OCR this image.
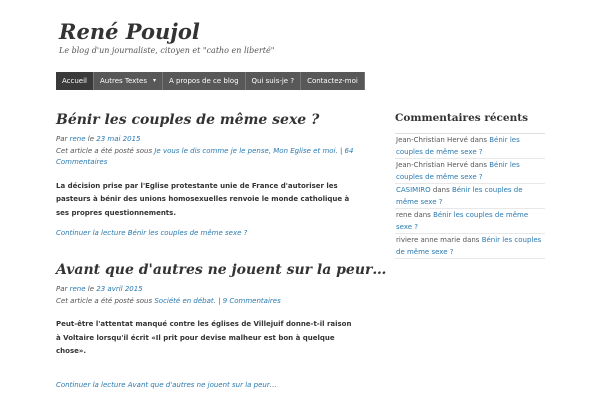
René Poujol
Le blog d'un journaliste, citoyen et "catho en liberté"
Accueil Autres Textes ▾ A propos de ce blog Qui suis-je ? Contactez-moi
Bénir les couples de même sexe ?
Par rene le 23 mai 2015
Cet article a été posté sous Je vous le dis comme je le pense, Mon Eglise et moi. | 64 Commentaires
La décision prise par l'Eglise protestante unie de France d'autoriser les pasteurs à bénir des unions homosexuelles renvoie le monde catholique à ses propres questionnements.
Continuer la lecture Bénir les couples de même sexe ?
Avant que d'autres ne jouent sur la peur…
Par rene le 23 avril 2015
Cet article a été posté sous Société en débat. | 9 Commentaires
Peut-être l'attentat manqué contre les églises de Villejuif donne-t-il raison à Voltaire lorsqu'il écrit «Il prit pour devise malheur est bon à quelque chose».
Continuer la lecture Avant que d'autres ne jouent sur la peur…
Commentaires récents
Jean-Christian Hervé dans Bénir les couples de même sexe ?
Jean-Christian Hervé dans Bénir les couples de même sexe ?
CASIMIRO dans Bénir les couples de même sexe ?
rene dans Bénir les couples de même sexe ?
riviere anne marie dans Bénir les couples de même sexe ?
